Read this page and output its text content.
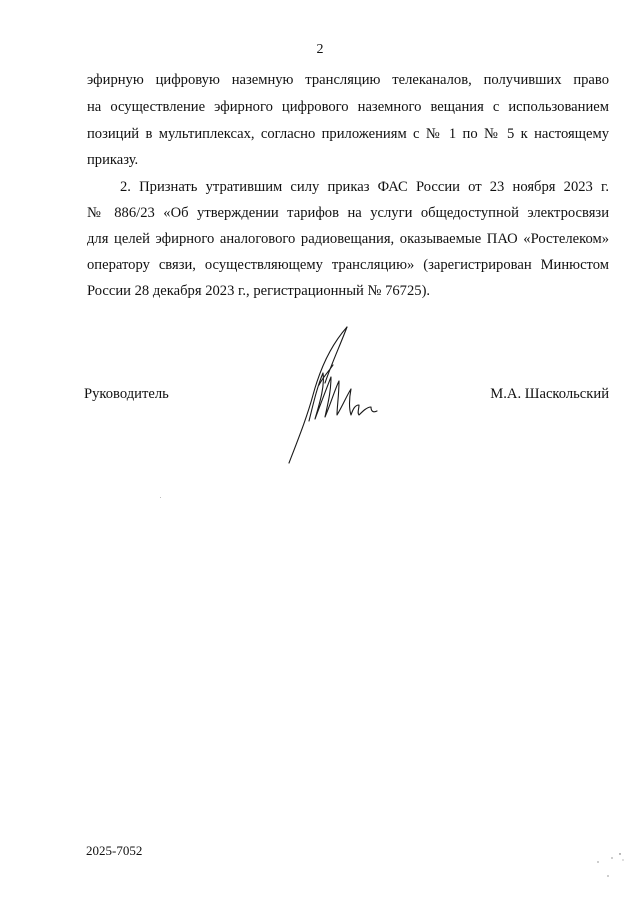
2
эфирную цифровую наземную трансляцию телеканалов, получивших право
на осуществление эфирного цифрового наземного вещания с использованием
позиций в мультиплексах, согласно приложениям с № 1 по № 5 к настоящему
приказу.
2. Признать утратившим силу приказ ФАС России от 23 ноября 2023 г.
№ 886/23 «Об утверждении тарифов на услуги общедоступной электросвязи
для целей эфирного аналогового радиовещания, оказываемые ПАО «Ростелеком»
оператору связи, осуществляющему трансляцию» (зарегистрирован Минюстом
России 28 декабря 2023 г., регистрационный № 76725).
Руководитель	М.А. Шаскольский
2025-7052
